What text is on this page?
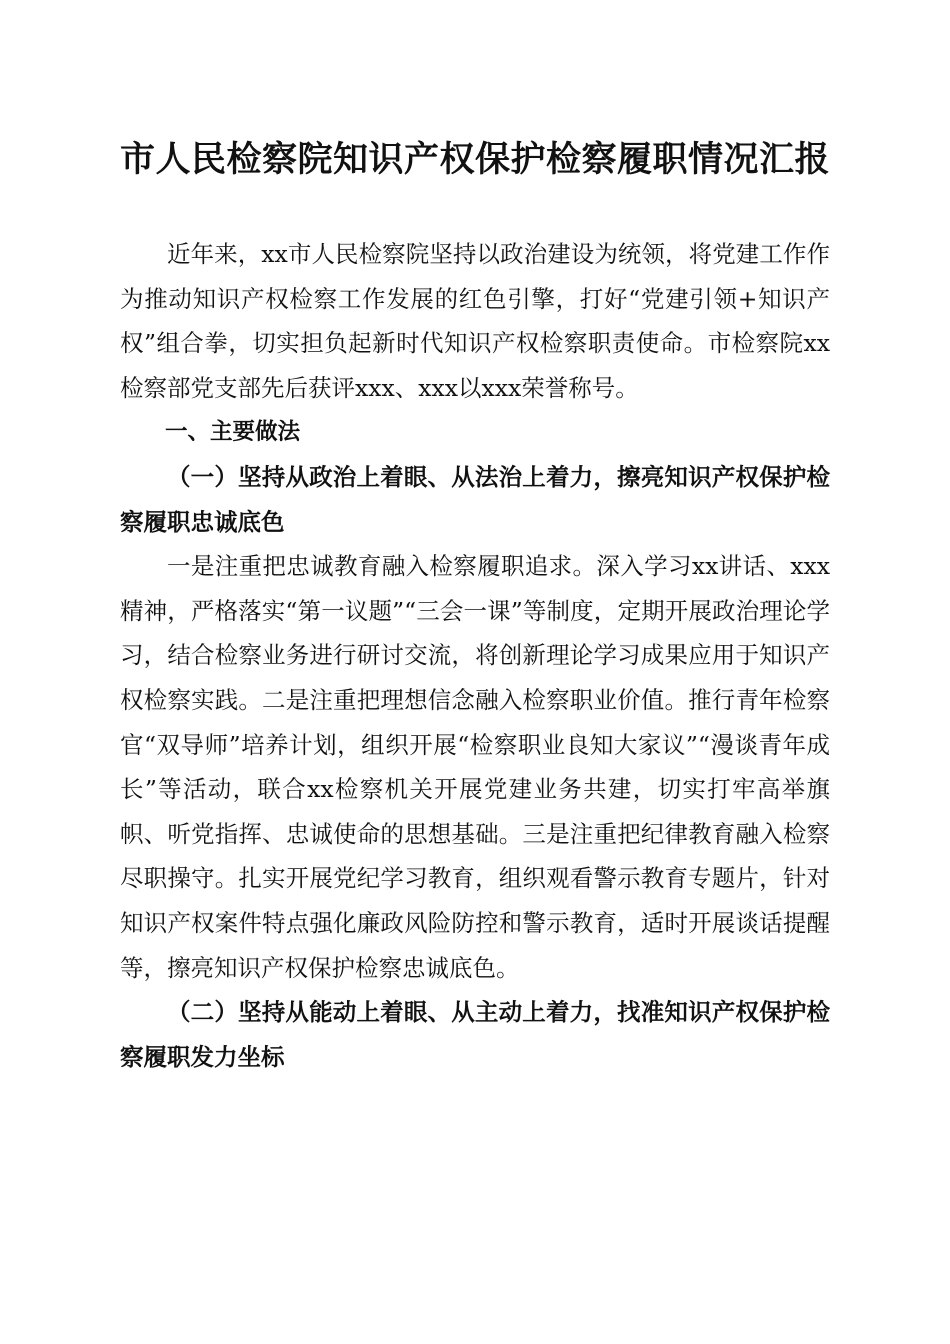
市人民检察院知识产权保护检察履职情况汇报

近年来，xx市人民检察院坚持以政治建设为统领，将党建工作作为推动知识产权检察工作发展的红色引擎，打好“党建引领+知识产权”组合拳，切实担负起新时代知识产权检察职责使命。市检察院xx检察部党支部先后获评xxx、xxx以xxx荣誉称号。

一、主要做法

（一）坚持从政治上着眼、从法治上着力，擦亮知识产权保护检察履职忠诚底色

一是注重把忠诚教育融入检察履职追求。深入学习xx讲话、xxx精神，严格落实“第一议题”“三会一课”等制度，定期开展政治理论学习，结合检察业务进行研讨交流，将创新理论学习成果应用于知识产权检察实践。二是注重把理想信念融入检察职业价值。推行青年检察官“双导师”培养计划，组织开展“检察职业良知大家议”“漫谈青年成长”等活动，联合xx检察机关开展党建业务共建，切实打牢高举旗帜、听党指挥、忠诚使命的思想基础。三是注重把纪律教育融入检察尽职操守。扎实开展党纪学习教育，组织观看警示教育专题片，针对知识产权案件特点强化廉政风险防控和警示教育，适时开展谈话提醒等，擦亮知识产权保护检察忠诚底色。

（二）坚持从能动上着眼、从主动上着力，找准知识产权保护检察履职发力坐标
